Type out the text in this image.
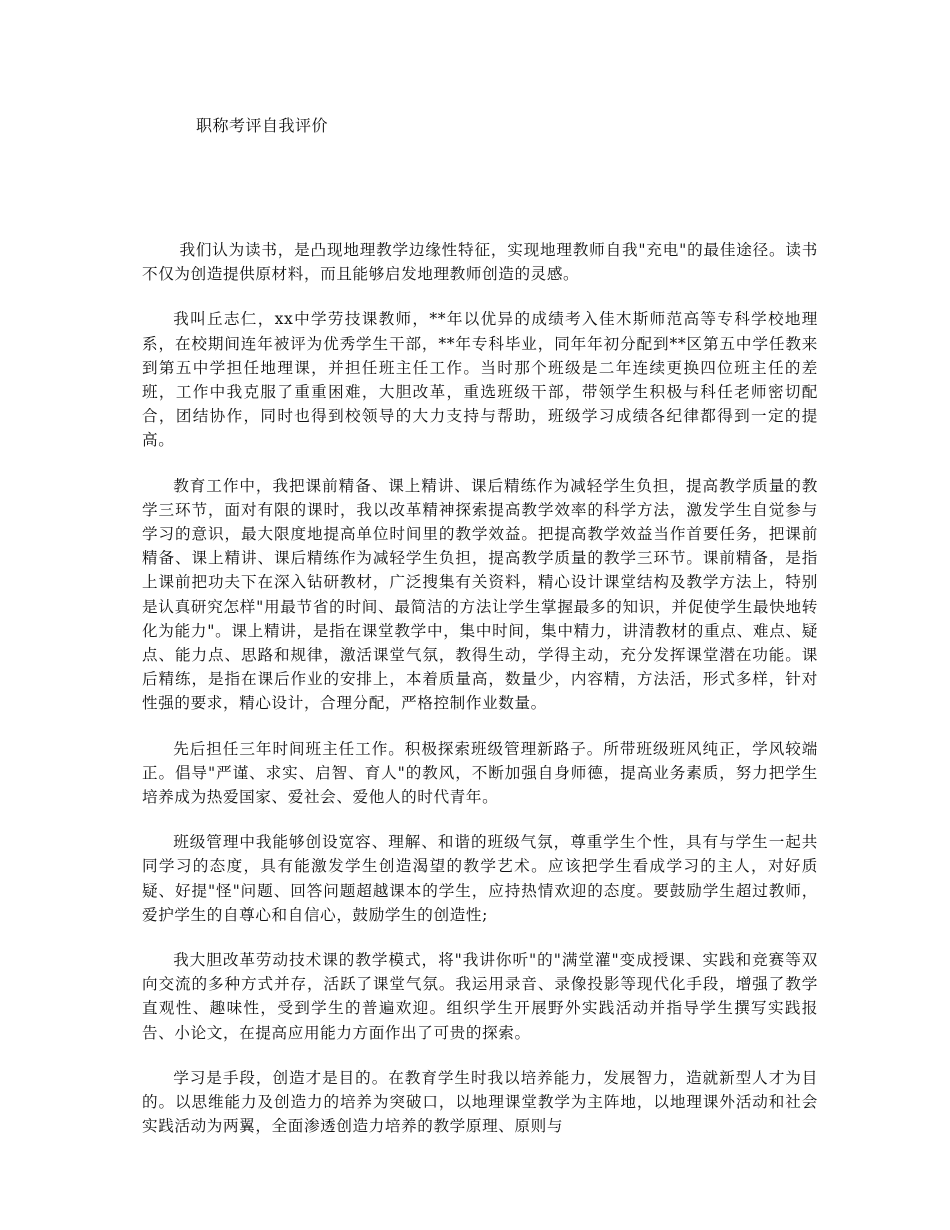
职称考评自我评价

我们认为读书，是凸现地理教学边缘性特征，实现地理教师自我"充电"的最佳途径。读书不仅为创造提供原材料，而且能够启发地理教师创造的灵感。

我叫丘志仁，xx中学劳技课教师，**年以优异的成绩考入佳木斯师范高等专科学校地理系，在校期间连年被评为优秀学生干部，**年专科毕业，同年年初分配到**区第五中学任教来到第五中学担任地理课，并担任班主任工作。当时那个班级是二年连续更换四位班主任的差班，工作中我克服了重重困难，大胆改革，重选班级干部，带领学生积极与科任老师密切配合，团结协作，同时也得到校领导的大力支持与帮助，班级学习成绩各纪律都得到一定的提高。

教育工作中，我把课前精备、课上精讲、课后精练作为减轻学生负担，提高教学质量的教学三环节，面对有限的课时，我以改革精神探索提高教学效率的科学方法，激发学生自觉参与学习的意识，最大限度地提高单位时间里的教学效益。把提高教学效益当作首要任务，把课前精备、课上精讲、课后精练作为减轻学生负担，提高教学质量的教学三环节。课前精备，是指上课前把功夫下在深入钻研教材，广泛搜集有关资料，精心设计课堂结构及教学方法上，特别是认真研究怎样"用最节省的时间、最简洁的方法让学生掌握最多的知识，并促使学生最快地转化为能力"。课上精讲，是指在课堂教学中，集中时间，集中精力，讲清教材的重点、难点、疑点、能力点、思路和规律，激活课堂气氛，教得生动，学得主动，充分发挥课堂潜在功能。课后精练，是指在课后作业的安排上，本着质量高，数量少，内容精，方法活，形式多样，针对性强的要求，精心设计，合理分配，严格控制作业数量。

先后担任三年时间班主任工作。积极探索班级管理新路子。所带班级班风纯正，学风较端正。倡导"严谨、求实、启智、育人"的教风，不断加强自身师德，提高业务素质，努力把学生培养成为热爱国家、爱社会、爱他人的时代青年。

班级管理中我能够创设宽容、理解、和谐的班级气氛，尊重学生个性，具有与学生一起共同学习的态度，具有能激发学生创造渴望的教学艺术。应该把学生看成学习的主人，对好质疑、好提"怪"问题、回答问题超越课本的学生，应持热情欢迎的态度。要鼓励学生超过教师，爱护学生的自尊心和自信心，鼓励学生的创造性;

我大胆改革劳动技术课的教学模式，将"我讲你听"的"满堂灌"变成授课、实践和竞赛等双向交流的多种方式并存，活跃了课堂气氛。我运用录音、录像投影等现代化手段，增强了教学直观性、趣味性，受到学生的普遍欢迎。组织学生开展野外实践活动并指导学生撰写实践报告、小论文，在提高应用能力方面作出了可贵的探索。

学习是手段，创造才是目的。在教育学生时我以培养能力，发展智力，造就新型人才为目的。以思维能力及创造力的培养为突破口，以地理课堂教学为主阵地，以地理课外活动和社会实践活动为两翼，全面渗透创造力培养的教学原理、原则与
